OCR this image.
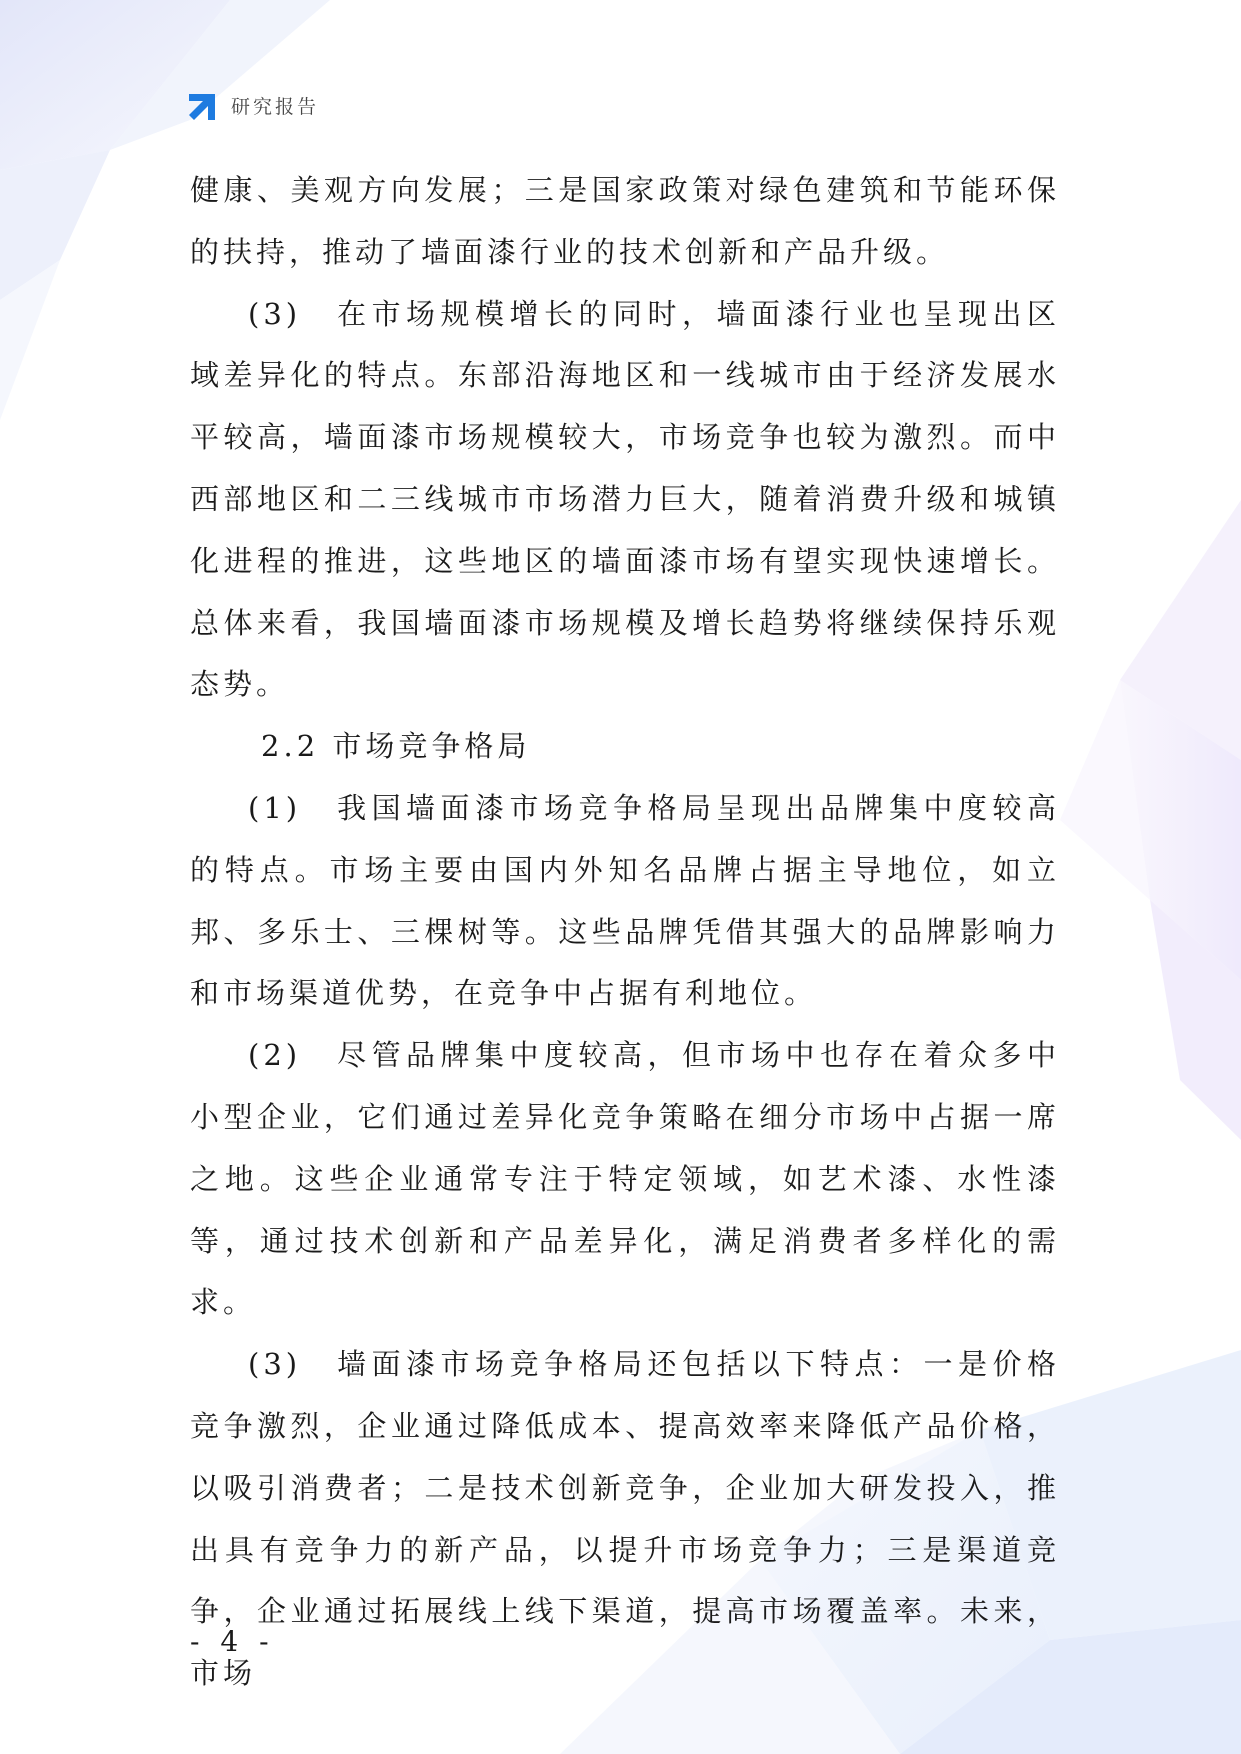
研究报告

健康、美观方向发展；三是国家政策对绿色建筑和节能环保的扶持，推动了墙面漆行业的技术创新和产品升级。

(3)　在市场规模增长的同时，墙面漆行业也呈现出区域差异化的特点。东部沿海地区和一线城市由于经济发展水平较高，墙面漆市场规模较大，市场竞争也较为激烈。而中西部地区和二三线城市市场潜力巨大，随着消费升级和城镇化进程的推进，这些地区的墙面漆市场有望实现快速增长。总体来看，我国墙面漆市场规模及增长趋势将继续保持乐观态势。

2.2 市场竞争格局

(1)　我国墙面漆市场竞争格局呈现出品牌集中度较高的特点。市场主要由国内外知名品牌占据主导地位，如立邦、多乐士、三棵树等。这些品牌凭借其强大的品牌影响力和市场渠道优势，在竞争中占据有利地位。

(2)　尽管品牌集中度较高，但市场中也存在着众多中小型企业，它们通过差异化竞争策略在细分市场中占据一席之地。这些企业通常专注于特定领域，如艺术漆、水性漆等，通过技术创新和产品差异化，满足消费者多样化的需求。

(3)　墙面漆市场竞争格局还包括以下特点：一是价格竞争激烈，企业通过降低成本、提高效率来降低产品价格，以吸引消费者；二是技术创新竞争，企业加大研发投入，推出具有竞争力的新产品，以提升市场竞争力；三是渠道竞争，企业通过拓展线上线下渠道，提高市场覆盖率。未来，市场

- 4 -
